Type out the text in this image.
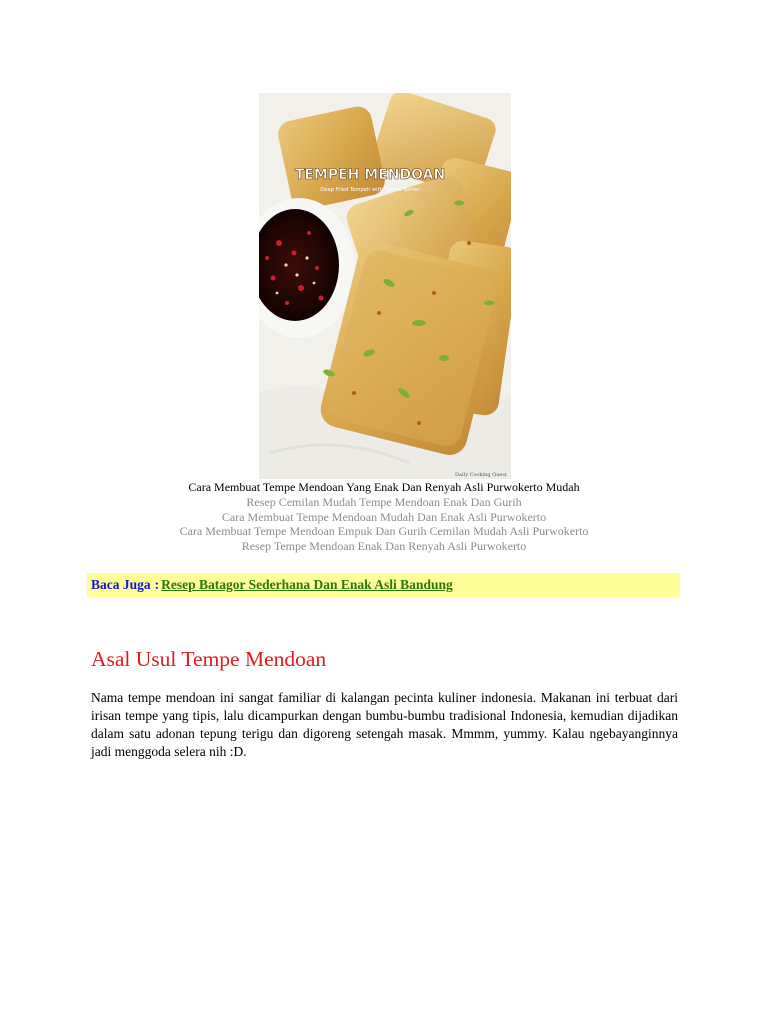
TEMPEH MENDOAN
Deep Fried Tempeh with Spiced Batter
Daily Cooking Quest
Cara Membuat Tempe Mendoan Yang Enak Dan Renyah Asli Purwokerto Mudah
Resep Cemilan Mudah Tempe Mendoan Enak Dan Gurih
Cara Membuat Tempe Mendoan Mudah Dan Enak Asli Purwokerto
Cara Membuat Tempe Mendoan Empuk Dan Gurih Cemilan Mudah Asli Purwokerto
Resep Tempe Mendoan Enak Dan Renyah Asli Purwokerto
Baca Juga : Resep Batagor Sederhana Dan Enak Asli Bandung
Asal Usul Tempe Mendoan

Nama tempe mendoan ini sangat familiar di kalangan pecinta kuliner indonesia. Makanan ini terbuat dari irisan tempe yang tipis, lalu dicampurkan dengan bumbu-bumbu tradisional Indonesia, kemudian dijadikan dalam satu adonan tepung terigu dan digoreng setengah masak. Mmmm, yummy. Kalau ngebayanginnya jadi menggoda selera nih :D.
